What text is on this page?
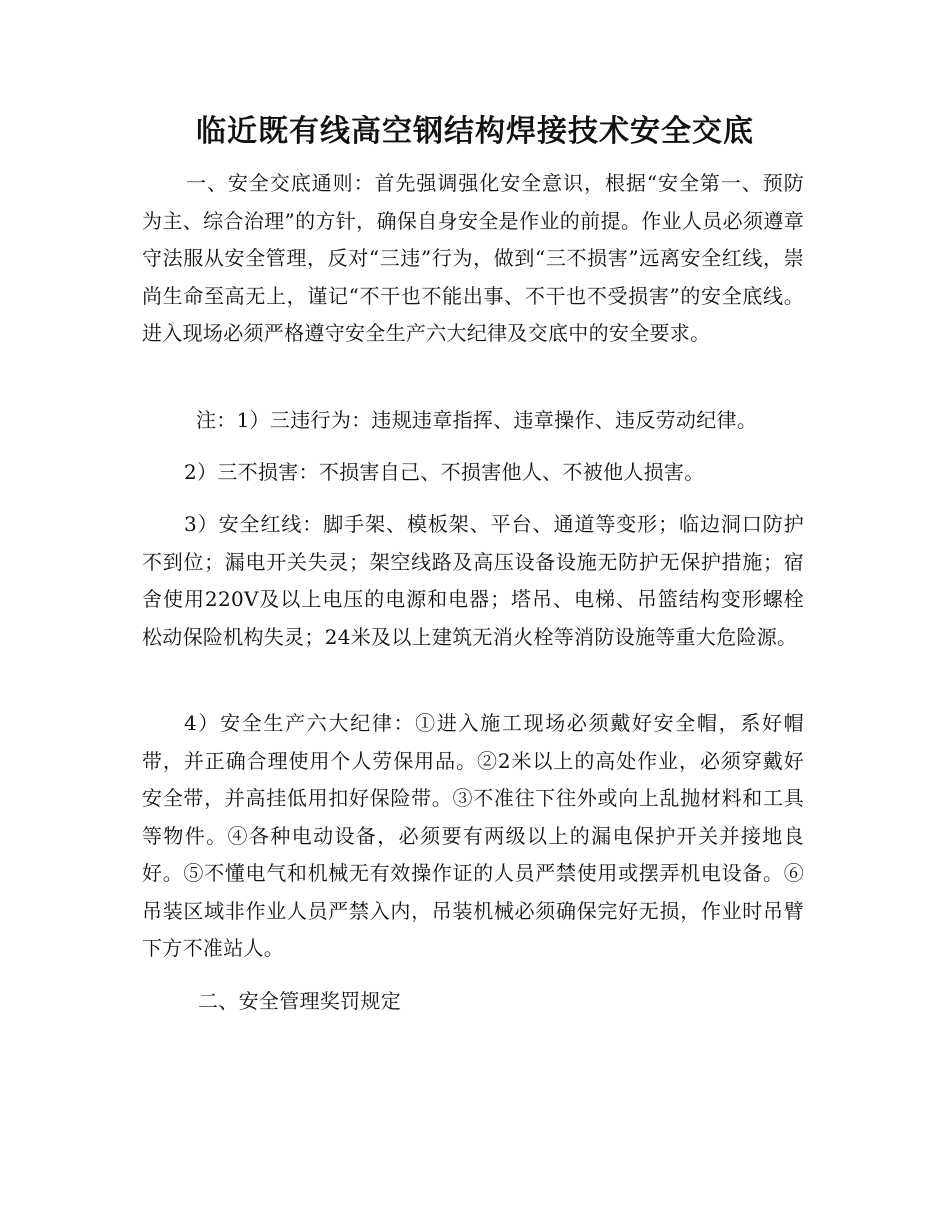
临近既有线高空钢结构焊接技术安全交底

一、安全交底通则：首先强调强化安全意识，根据“安全第一、预防为主、综合治理”的方针，确保自身安全是作业的前提。作业人员必须遵章守法服从安全管理，反对“三违”行为，做到“三不损害”远离安全红线，崇尚生命至高无上，谨记“不干也不能出事、不干也不受损害”的安全底线。进入现场必须严格遵守安全生产六大纪律及交底中的安全要求。

注：1）三违行为：违规违章指挥、违章操作、违反劳动纪律。

2）三不损害：不损害自己、不损害他人、不被他人损害。

3）安全红线：脚手架、模板架、平台、通道等变形；临边洞口防护不到位；漏电开关失灵；架空线路及高压设备设施无防护无保护措施；宿舍使用220V及以上电压的电源和电器；塔吊、电梯、吊篮结构变形螺栓松动保险机构失灵；24米及以上建筑无消火栓等消防设施等重大危险源。

4）安全生产六大纪律：①进入施工现场必须戴好安全帽，系好帽带，并正确合理使用个人劳保用品。②2米以上的高处作业，必须穿戴好安全带，并高挂低用扣好保险带。③不准往下往外或向上乱抛材料和工具等物件。④各种电动设备，必须要有两级以上的漏电保护开关并接地良好。⑤不懂电气和机械无有效操作证的人员严禁使用或摆弄机电设备。⑥吊装区域非作业人员严禁入内，吊装机械必须确保完好无损，作业时吊臂下方不准站人。

二、安全管理奖罚规定
